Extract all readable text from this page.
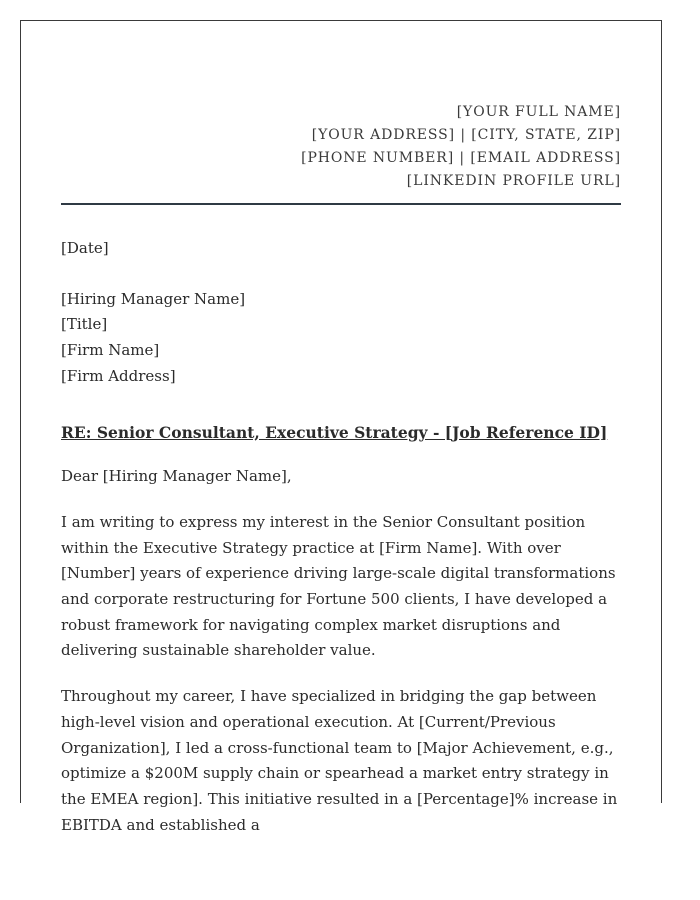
[YOUR FULL NAME]
[YOUR ADDRESS] | [CITY, STATE, ZIP]
[PHONE NUMBER] | [EMAIL ADDRESS]
[LINKEDIN PROFILE URL]
[Date]
[Hiring Manager Name]
[Title]
[Firm Name]
[Firm Address]
RE: Senior Consultant, Executive Strategy - [Job Reference ID]
Dear [Hiring Manager Name],
I am writing to express my interest in the Senior Consultant position within the Executive Strategy practice at [Firm Name]. With over [Number] years of experience driving large-scale digital transformations and corporate restructuring for Fortune 500 clients, I have developed a robust framework for navigating complex market disruptions and delivering sustainable shareholder value.
Throughout my career, I have specialized in bridging the gap between high-level vision and operational execution. At [Current/Previous Organization], I led a cross-functional team to [Major Achievement, e.g., optimize a $200M supply chain or spearhead a market entry strategy in the EMEA region]. This initiative resulted in a [Percentage]% increase in EBITDA and established a
